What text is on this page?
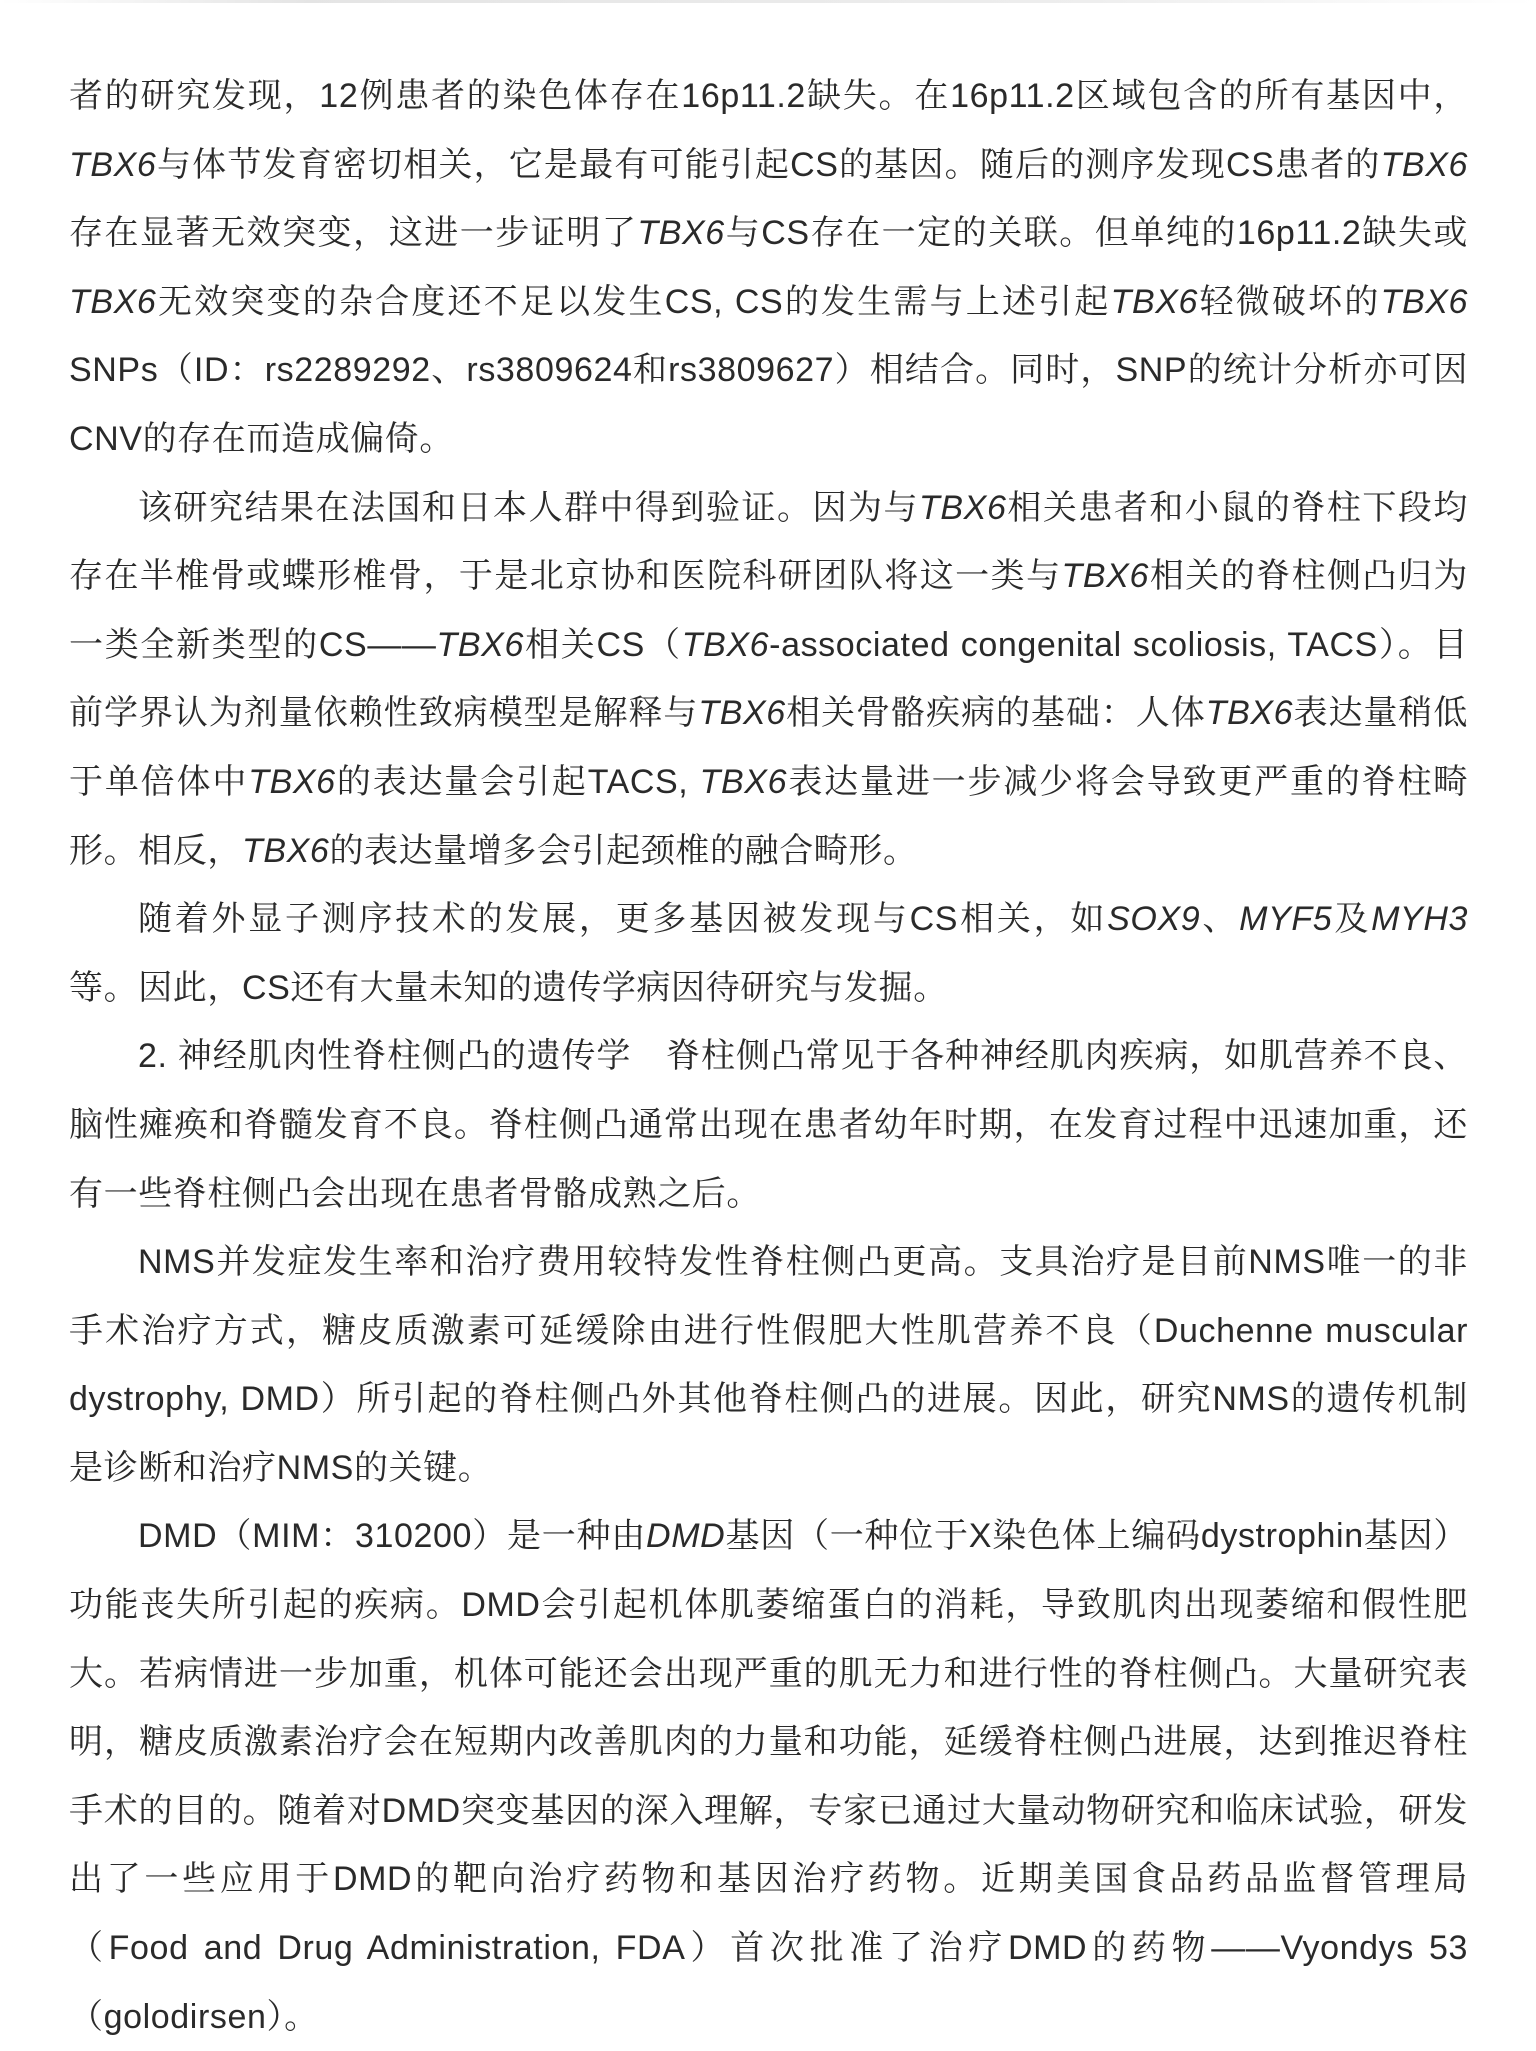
者的研究发现，12例患者的染色体存在16p11.2缺失。在16p11.2区域包含的所有基因中，TBX6与体节发育密切相关，它是最有可能引起CS的基因。随后的测序发现CS患者的TBX6存在显著无效突变，这进一步证明了TBX6与CS存在一定的关联。但单纯的16p11.2缺失或TBX6无效突变的杂合度还不足以发生CS, CS的发生需与上述引起TBX6轻微破坏的TBX6 SNPs（ID：rs2289292、rs3809624和rs3809627）相结合。同时，SNP的统计分析亦可因CNV的存在而造成偏倚。

该研究结果在法国和日本人群中得到验证。因为与TBX6相关患者和小鼠的脊柱下段均存在半椎骨或蝶形椎骨，于是北京协和医院科研团队将这一类与TBX6相关的脊柱侧凸归为一类全新类型的CS——TBX6相关CS（TBX6-associated congenital scoliosis, TACS）。目前学界认为剂量依赖性致病模型是解释与TBX6相关骨骼疾病的基础：人体TBX6表达量稍低于单倍体中TBX6的表达量会引起TACS, TBX6表达量进一步减少将会导致更严重的脊柱畸形。相反，TBX6的表达量增多会引起颈椎的融合畸形。

随着外显子测序技术的发展，更多基因被发现与CS相关，如SOX9、MYF5及MYH3等。因此，CS还有大量未知的遗传学病因待研究与发掘。

2. 神经肌肉性脊柱侧凸的遗传学　脊柱侧凸常见于各种神经肌肉疾病，如肌营养不良、脑性瘫痪和脊髓发育不良。脊柱侧凸通常出现在患者幼年时期，在发育过程中迅速加重，还有一些脊柱侧凸会出现在患者骨骼成熟之后。

NMS并发症发生率和治疗费用较特发性脊柱侧凸更高。支具治疗是目前NMS唯一的非手术治疗方式，糖皮质激素可延缓除由进行性假肥大性肌营养不良（Duchenne muscular dystrophy, DMD）所引起的脊柱侧凸外其他脊柱侧凸的进展。因此，研究NMS的遗传机制是诊断和治疗NMS的关键。

DMD（MIM：310200）是一种由DMD基因（一种位于X染色体上编码dystrophin基因）功能丧失所引起的疾病。DMD会引起机体肌萎缩蛋白的消耗，导致肌肉出现萎缩和假性肥大。若病情进一步加重，机体可能还会出现严重的肌无力和进行性的脊柱侧凸。大量研究表明，糖皮质激素治疗会在短期内改善肌肉的力量和功能，延缓脊柱侧凸进展，达到推迟脊柱手术的目的。随着对DMD突变基因的深入理解，专家已通过大量动物研究和临床试验，研发出了一些应用于DMD的靶向治疗药物和基因治疗药物。近期美国食品药品监督管理局（Food and Drug Administration, FDA）首次批准了治疗DMD的药物——Vyondys 53（golodirsen）。
